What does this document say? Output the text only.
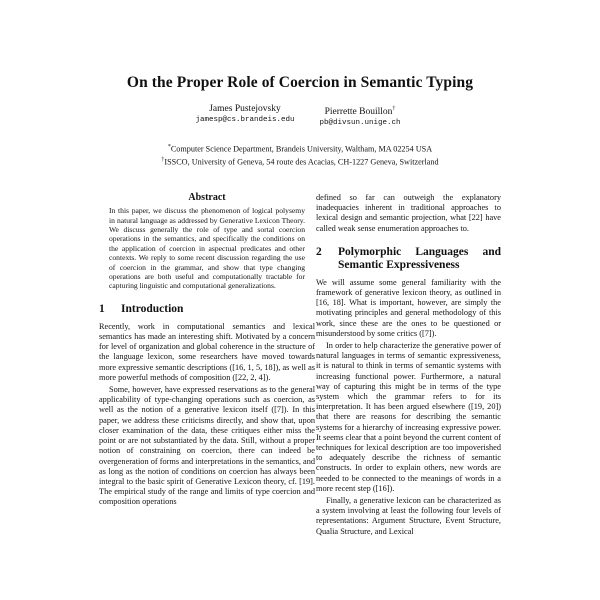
On the Proper Role of Coercion in Semantic Typing
James Pustejovsky
jamesp@cs.brandeis.edu
Pierrette Bouillon†
pb@divsun.unige.ch
*Computer Science Department, Brandeis University, Waltham, MA 02254 USA
†ISSCO, University of Geneva, 54 route des Acacias, CH-1227 Geneva, Switzerland
Abstract
In this paper, we discuss the phenomenon of logical polysemy in natural language as addressed by Generative Lexicon Theory. We discuss generally the role of type and sortal coercion operations in the semantics, and specifically the conditions on the application of coercion in aspectual predicates and other contexts. We reply to some recent discussion regarding the use of coercion in the grammar, and show that type changing operations are both useful and computationally tractable for capturing linguistic and computational generalizations.
1 Introduction

Recently, work in computational semantics and lexical semantics has made an interesting shift. Motivated by a concern for level of organization and global coherence in the structure of the language lexicon, some researchers have moved towards more expressive semantic descriptions ([16, 1, 5, 18]), as well as more powerful methods of composition ([22, 2, 4]).

Some, however, have expressed reservations as to the general applicability of type-changing operations such as coercion, as well as the notion of a generative lexicon itself ([7]). In this paper, we address these criticisms directly, and show that, upon closer examination of the data, these critiques either miss the point or are not substantiated by the data. Still, without a proper notion of constraining on coercion, there can indeed be overgeneration of forms and interpretations in the semantics, and as long as the notion of conditions on coercion has always been integral to the basic spirit of Generative Lexicon theory, cf. [19]. The empirical study of the range and limits of type coercion and composition operations

defined so far can outweigh the explanatory inadequacies inherent in traditional approaches to lexical design and semantic projection, what [22] have called weak sense enumeration approaches to.

2 Polymorphic Languages and Semantic Expressiveness

We will assume some general familiarity with the framework of generative lexicon theory, as outlined in [16, 18]. What is important, however, are simply the motivating principles and general methodology of this work, since these are the ones to be questioned or misunderstood by some critics ([7]).

In order to help characterize the generative power of natural languages in terms of semantic expressiveness, it is natural to think in terms of semantic systems with increasing functional power. Furthermore, a natural way of capturing this might be in terms of the type system which the grammar refers to for its interpretation. It has been argued elsewhere ([19, 20]) that there are reasons for describing the semantic systems for a hierarchy of increasing expressive power. It seems clear that a point beyond the current content of techniques for lexical description are too impoverished to adequately describe the richness of semantic constructs. In order to explain others, new words are needed to be connected to the meanings of words in a more recent step ([16]).

Finally, a generative lexicon can be characterized as a system involving at least the following four levels of representations: Argument Structure, Event Structure, Qualia Structure, and Lexical
